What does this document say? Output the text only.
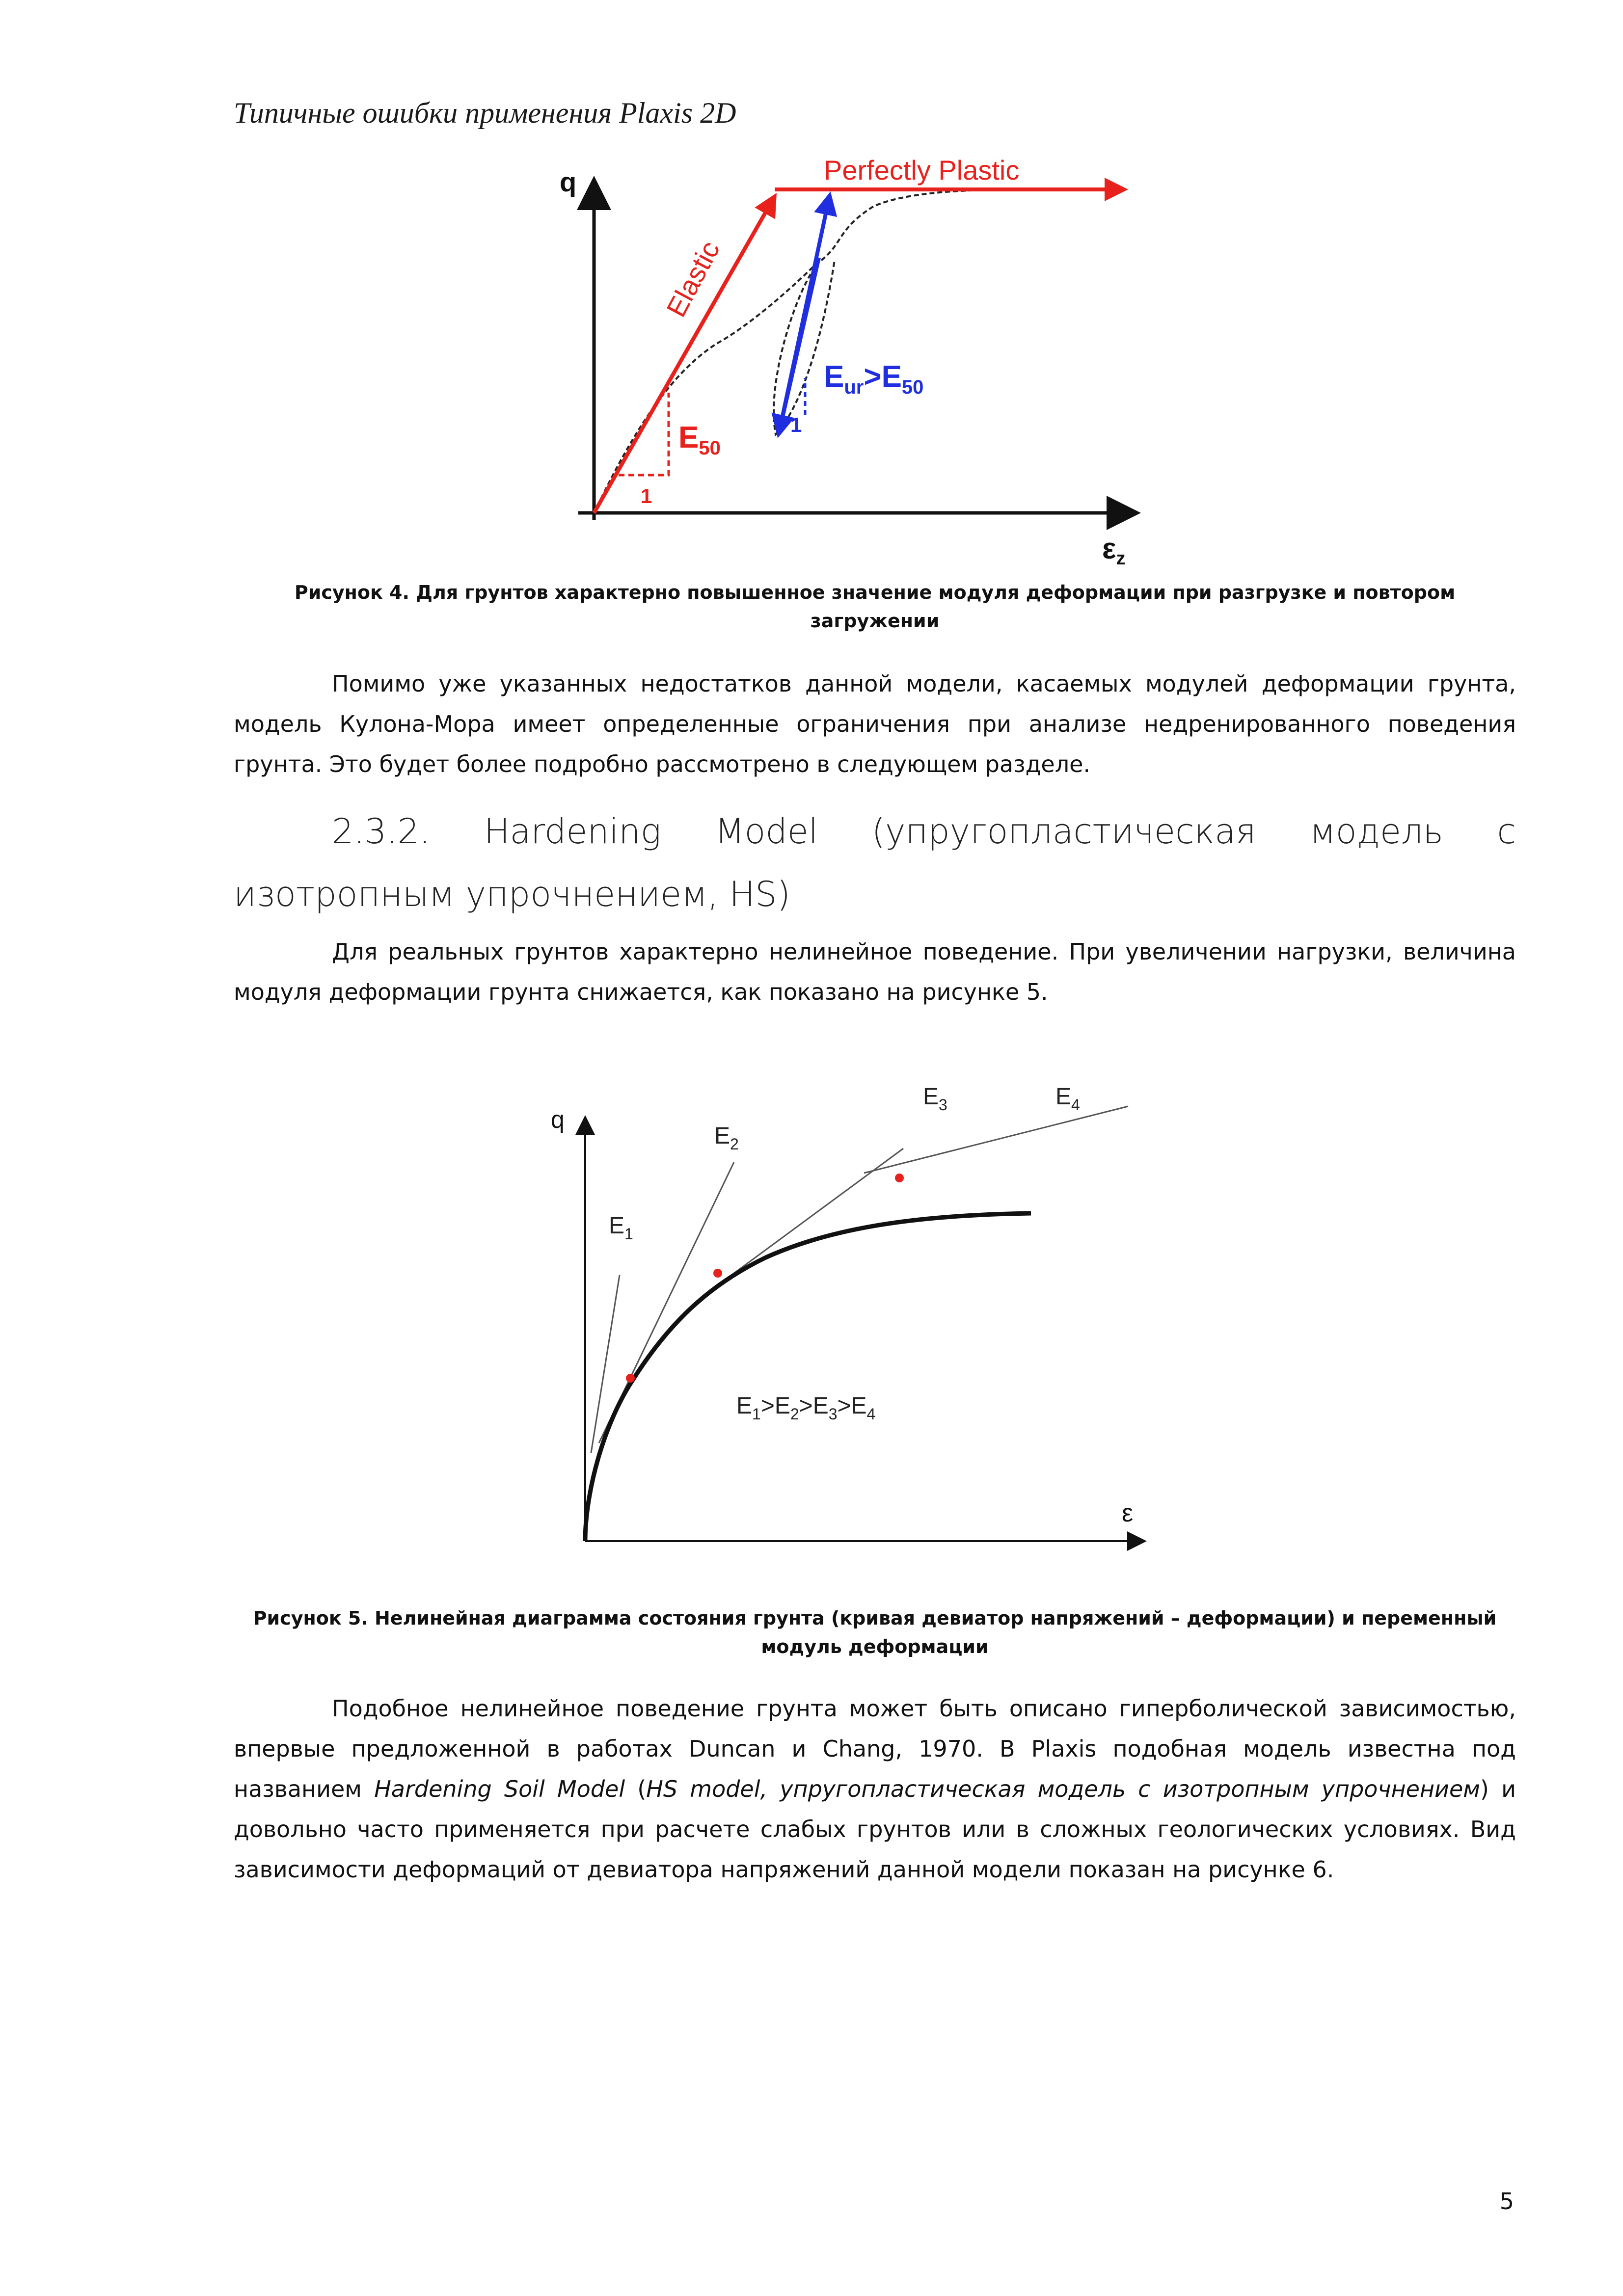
Типичные ошибки применения Plaxis 2D
q
$\varepsilon_z$
Perfectly Plastic
Elastic
$E_{50}$
1
$E_{ur}>E_{50}$
1
Рисунок 4. Для грунтов характерно повышенное значение модуля деформации при разгрузке и повтором загружении

Помимо уже указанных недостатков данной модели, касаемых модулей деформации грунта, модель Кулона-Мора имеет определенные ограничения при анализе недренированного поведения грунта. Это будет более подробно рассмотрено в следующем разделе.

2.3.2. Hardening Model (упругопластическая модель с изотропным упрочнением, HS)

Для реальных грунтов характерно нелинейное поведение. При увеличении нагрузки, величина модуля деформации грунта снижается, как показано на рисунке 5.

q
ε
$E_1$
$E_2$
$E_3$	$E_4$
$E_1>E_2>E_3>E_4$
Рисунок 5. Нелинейная диаграмма состояния грунта (кривая девиатор напряжений – деформации) и переменный модуль деформации

Подобное нелинейное поведение грунта может быть описано гиперболической зависимостью, впервые предложенной в работах Duncan и Chang, 1970. В Plaxis подобная модель известна под названием Hardening Soil Model (HS model, упругопластическая модель с изотропным упрочнением) и довольно часто применяется при расчете слабых грунтов или в сложных геологических условиях. Вид зависимости деформаций от девиатора напряжений данной модели показан на рисунке 6.

5
